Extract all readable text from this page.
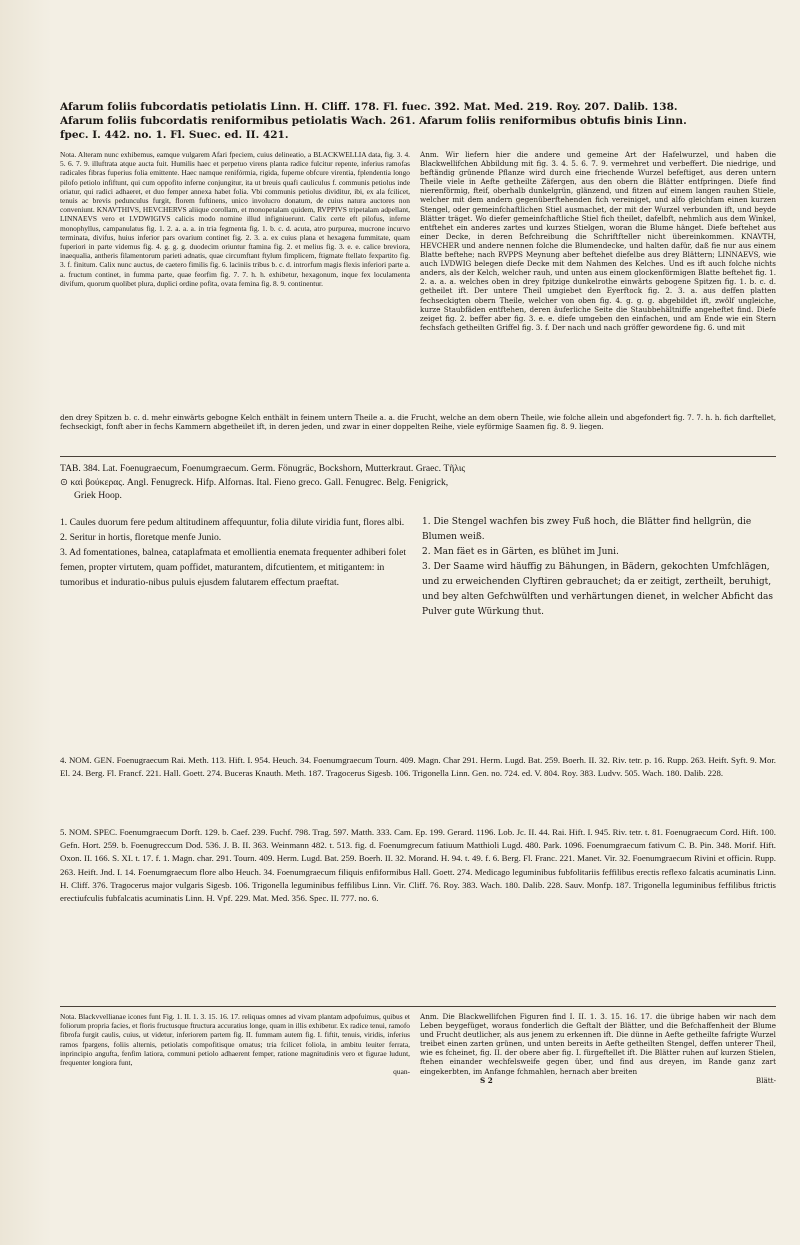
Afarum foliis fubcordatis petiolatis Linn. H. Cliff. 178. Fl. fuec. 392. Mat. Med. 219. Roy. 207. Dalib. 138.
Afarum foliis fubcordatis reniformibus petiolatis Wach. 261. Afarum foliis reniformibus obtufis binis Linn.
fpec. I. 442. no. 1. Fl. Suec. ed. II. 421.
Nota. Alteram nunc exhibemus, eamque vulgarem Afari fpeciem, cuius delineatio, a BLACKWELLIA data, fig. 3. 4. 5. 6. 7. 9. illuftrata atque aucta fuit. Humilis haec et perpetuo virens planta radice fulcitur repente, inferius ramofas radicales fibras fuperius folia emittente. Haec namque renifórmia, rigida, fuperne obfcure virentia, fplendentia longo pilofo petiolo infiftunt, qui cum oppofito inferne conjungitur, ita ut breuis quafi cauliculus f. communis petiolus inde oriatur, qui radici adhaeret, et duo femper annexa habet folia. Vbi communis petiolus dividitur, ibi, ex ala fcilicet, tenuis ac brevis pedunculus furgit, florem fuftinens, unico involucro donatum, de cuius natura auctores non conveniunt. KNAVTHIVS, HEVCHERVS aliique corollam, et monopetalam quidem, RVPPIVS tripetalam adpellant, LINNAEVS vero et LVDWIGIVS calicis modo nomine illud infigniuerunt. Calix certe eft pilofus, inferne monophyllus, campanulatus fig. 1. 2. a. a. a. in tria fegmenta fig. 1. b. c. d. acuta, atro purpurea, mucrone incurvo terminata, divifus, huius inferior pars ovarium continet fig. 2. 3. a. ex cuius plana et hexagena fummitate, quam fuperiori in parte videmus fig. 4. g. g. g. duodecim oriuntur ftamina fig. 2. et melius fig. 3. e. e. calice breviora, inaequalia, antheris filamentorum parieti adnatis, quae circumftant ftylum fimplicem, ftigmate ftellato fexpartito fig. 3. f. finitum. Calix nunc auctus, de caetero fimilis fig. 6. laciniis tribus b. c. d. introrfum magis flexis inferiori parte a. a. fructum continet, in fumma parte, quae feorfim fig. 7. 7. h. h. exhibetur, hexagonum, inque fex loculamenta divifum, quorum quolibet plura, duplici ordine pofita, ovata femina fig. 8. 9. continentur.
Anm. Wir liefern hier die andere und gemeine Art der Hafelwurzel, und haben die Blackwellifchen Abbildung mit fig. 3. 4. 5. 6. 7. 9. vermehret und verbeffert. Die niedrige, und beftändig grünende Pflanze wird durch eine friechende Wurzel befeftiget, aus deren untern Theile viele in Aefte getheilte Zäfergen, aus den obern die Blätter entfpringen. Diefe find nierenförmig, fteif, oberhalb dunkelgrün, glänzend, und fitzen auf einem langen rauhen Stiele, welcher mit dem andern gegenüberftehenden fich vereiniget, und alfo gleichfam einen kurzen Stengel, oder gemeinfchaftlichen Stiel ausmachet, der mit der Wurzel verbunden ift, und beyde Blätter träget. Wo diefer gemeinfchaftliche Stiel fich theilet, dafelbft, nehmlich aus dem Winkel, entftehet ein anderes zartes und kurzes Stielgen, woran die Blume hänget. Diefe beftehet aus einer Decke, in deren Befchreibung die Schriftfteller nicht übereinkommen. KNAVTH, HEVCHER und andere nennen folche die Blumendecke, und halten dafür, daß fie nur aus einem Blatte beftehe; nach RVPPS Meynung aber beftehet diefelbe aus drey Blättern; LINNAEVS, wie auch LVDWIG belegen diefe Decke mit dem Nahmen des Kelches. Und es ift auch folche nichts anders, als der Kelch, welcher rauh, und unten aus einem glockenförmigen Blatte beftehet fig. 1. 2. a. a. a. welches oben in drey fpitzige dunkelrothe einwärts gebogene Spitzen fig. 1. b. c. d. getheilet ift. Der untere Theil umgiebet den Eyerftock fig. 2. 3. a. aus deffen platten fechseckigten obern Theile, welcher von oben fig. 4. g. g. g. abgebildet ift, zwölf ungleiche, kurze Staubfäden entftehen, deren äuferliche Seite die Staubbehältniffe angeheftet find. Diefe zeiget fig. 2. beffer aber fig. 3. e. e. diefe umgeben den einfachen, und am Ende wie ein Stern fechsfach getheilten Griffel fig. 3. f. Der nach und nach gröffer gewordene fig. 6. und mit
den drey Spitzen b. c. d. mehr einwärts gebogne Kelch enthält in feinem untern Theile a. a. die Frucht, welche an dem obern Theile, wie folche allein und abgefondert fig. 7. 7. h. h. fich darftellet, fechseckigt, fonft aber in fechs Kammern abgetheilet ift, in deren jeden, und zwar in einer doppelten Reihe, viele eyförmige Saamen fig. 8. 9. liegen.
TAB. 384. Lat. Foenugraecum, Foenumgraecum. Germ. Fönugräc, Bockshorn, Mutterkraut. Graec. Τῆλις
⊙ καὶ βούκερας. Angl. Fenugreck. Hifp. Alfornas. Ital. Fieno greco. Gall. Fenugrec. Belg. Fenigrick,
Griek Hoop.
1. Caules duorum fere pedum altitudinem affequuntur, folia dilute viridia funt, flores albi.
2. Seritur in hortis, floretque menfe Junio.
3. Ad fomentationes, balnea, cataplafmata et emollientia enemata frequenter adhiberi folet femen, propter virtutem, quam poffidet, maturantem, difcutientem, et mitigantem: in tumoribus et induratio-nibus puluis ejusdem falutarem effectum praeftat.
1. Die Stengel wachfen bis zwey Fuß hoch, die Blätter find hellgrün, die Blumen weiß.
2. Man fäet es in Gärten, es blühet im Juni.
3. Der Saame wird häuffig zu Bähungen, in Bädern, gekochten Umfchlägen, und zu erweichenden Clyftiren gebrauchet; da er zeitigt, zertheilt, beruhigt, und bey alten Gefchwülften und verhärtungen dienet, in welcher Abficht das Pulver gute Würkung thut.
4. NOM. GEN. Foenugraecum Rai. Meth. 113. Hift. I. 954. Heuch. 34. Foenumgraecum Tourn. 409. Magn. Char 291. Herm. Lugd. Bat. 259. Boerh. II. 32. Riv. tetr. p. 16. Rupp. 263. Heift. Syft. 9. Mor. El. 24. Berg. Fl. Francf. 221. Hall. Goett. 274. Buceras Knauth. Meth. 187. Tragocerus Sigesb. 106. Trigonella Linn. Gen. no. 724. ed. V. 804. Roy. 383. Ludvv. 505. Wach. 180. Dalib. 228.
5. NOM. SPEC. Foenumgraecum Dorft. 129. b. Caef. 239. Fuchf. 798. Trag. 597. Matth. 333. Cam. Ep. 199. Gerard. 1196. Lob. Jc. II. 44. Rai. Hift. I. 945. Riv. tetr. t. 81. Foenugraecum Cord. Hift. 100. Gefn. Hort. 259. b. Foenugreccum Dod. 536. J. B. II. 363. Weinmann 482. t. 513. fig. d. Foenumgrecum fatiuum Matthioli Lugd. 480. Park. 1096. Foenumgraecum fativum C. B. Pin. 348. Morif. Hift. Oxon. II. 166. S. XI. t. 17. f. 1. Magn. char. 291. Tourn. 409. Herm. Lugd. Bat. 259. Boerh. II. 32. Morand. H. 94. t. 49. f. 6. Berg. Fl. Franc. 221. Manet. Vir. 32. Foenumgraecum Rivini et officin. Rupp. 263. Heift. Jnd. I. 14. Foenumgraecum flore albo Heuch. 34. Foenumgraecum filiquis enfiformibus Hall. Goett. 274. Medicago leguminibus fubfolitariis feffilibus erectis reflexo falcatis acuminatis Linn. H. Cliff. 376. Tragocerus major vulgaris Sigesb. 106. Trigonella leguminibus feffilibus Linn. Vir. Cliff. 76. Roy. 383. Wach. 180. Dalib. 228. Sauv. Monfp. 187. Trigonella leguminibus feffilibus ftrictis erectiufculis fubfalcatis acuminatis Linn. H. Vpf. 229. Mat. Med. 356. Spec. II. 777. no. 6.
Nota. Blackvvellianae icones funt Fig. 1. II. 1. 3. 15. 16. 17. reliquas omnes ad vivam plantam adpofuimus, quibus et foliorum propria facies, et floris fructusque ftructura accuratius longe, quam in illis exhibetur. Ex radice tenui, ramofo fibrofa furgit caulis, cuius, ut videtur, inferiorem partem fig. II. fummam autem fig. I. fiftit, tenuis, viridis, inferius ramos fpargens, foliis alternis, petiolatis compofitisque ornatus; tria fcilicet foliola, in ambitu leuiter ferrata, inprincipio angufta, fenfim latiora, communi petiolo adhaerent femper, ratione magnitudinis vero et figurae ludunt, frequenter longiora funt,
quan-
Anm. Die Blackwellifchen Figuren find I. II. 1. 3. 15. 16. 17. die übrige haben wir nach dem Leben beygefüget, woraus fonderlich die Geftalt der Blätter, und die Befchaffenheit der Blume und Frucht deutlicher, als aus jenem zu erkennen ift. Die dünne in Aefte getheilte fafrigte Wurzel treibet einen zarten grünen, und unten bereits in Aefte getheilten Stengel, deffen unterer Theil, wie es fcheinet, fig. II. der obere aber fig. I. fürgeftellet ift. Die Blätter ruhen auf kurzen Stielen, ftehen einander wechfelsweife gegen über, und find aus dreyen, im Rande ganz zart eingekerbten, im Anfange fchmahlen, hernach aber breiten
S 2	Blätt-
